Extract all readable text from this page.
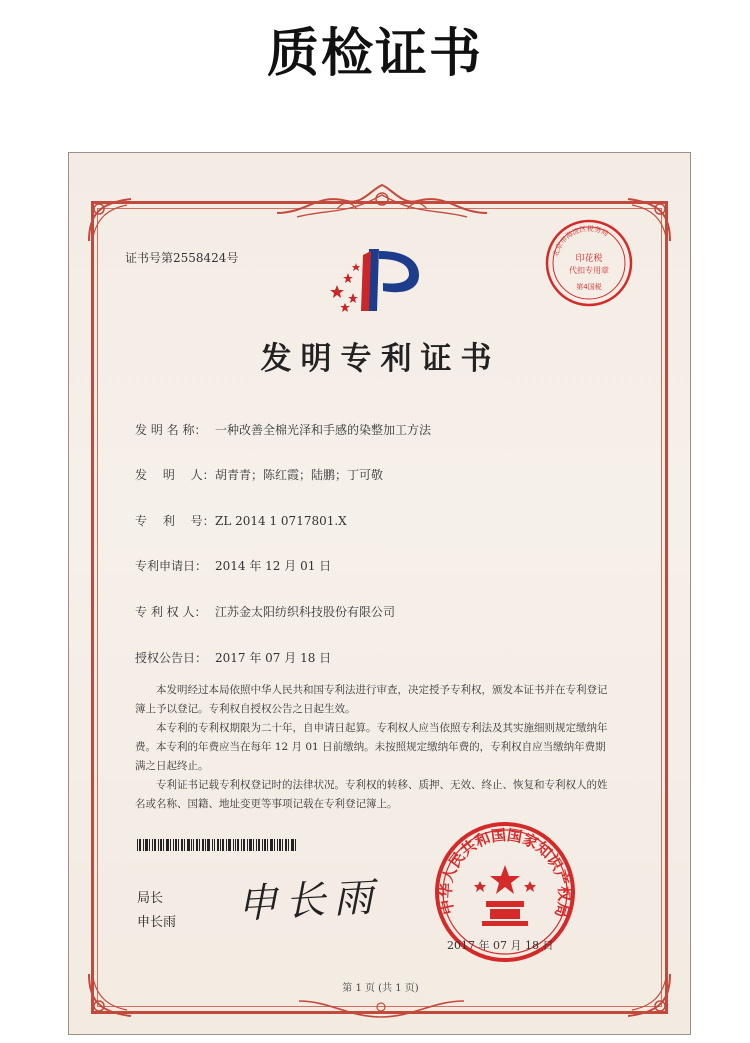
质检证书
证书号第2558424号	北京市海淀区税务局
印花税
代扣专用章
第4国税
发明专利证书
发 明 名 称： 一种改善全棉光泽和手感的染整加工方法
发　 明　 人：胡青青；陈红霞；陆鹏；丁可敬
专　 利　 号：ZL 2014 1 0717801.X
专利申请日： 2014 年 12 月 01 日
专 利 权 人： 江苏金太阳纺织科技股份有限公司
授权公告日： 2017 年 07 月 18 日

本发明经过本局依照中华人民共和国专利法进行审查，决定授予专利权，颁发本证书并在专利登记簿上予以登记。专利权自授权公告之日起生效。

本专利的专利权期限为二十年，自申请日起算。专利权人应当依照专利法及其实施细则规定缴纳年费。本专利的年费应当在每年 12 月 01 日前缴纳。未按照规定缴纳年费的，专利权自应当缴纳年费期满之日起终止。

专利证书记载专利权登记时的法律状况。专利权的转移、质押、无效、终止、恢复和专利权人的姓名或名称、国籍、地址变更等事项记载在专利登记簿上。

局长
申长雨 申长雨	中华人民共和国国家知识产权局
2017 年 07 月 18 日
第 1 页 (共 1 页)
